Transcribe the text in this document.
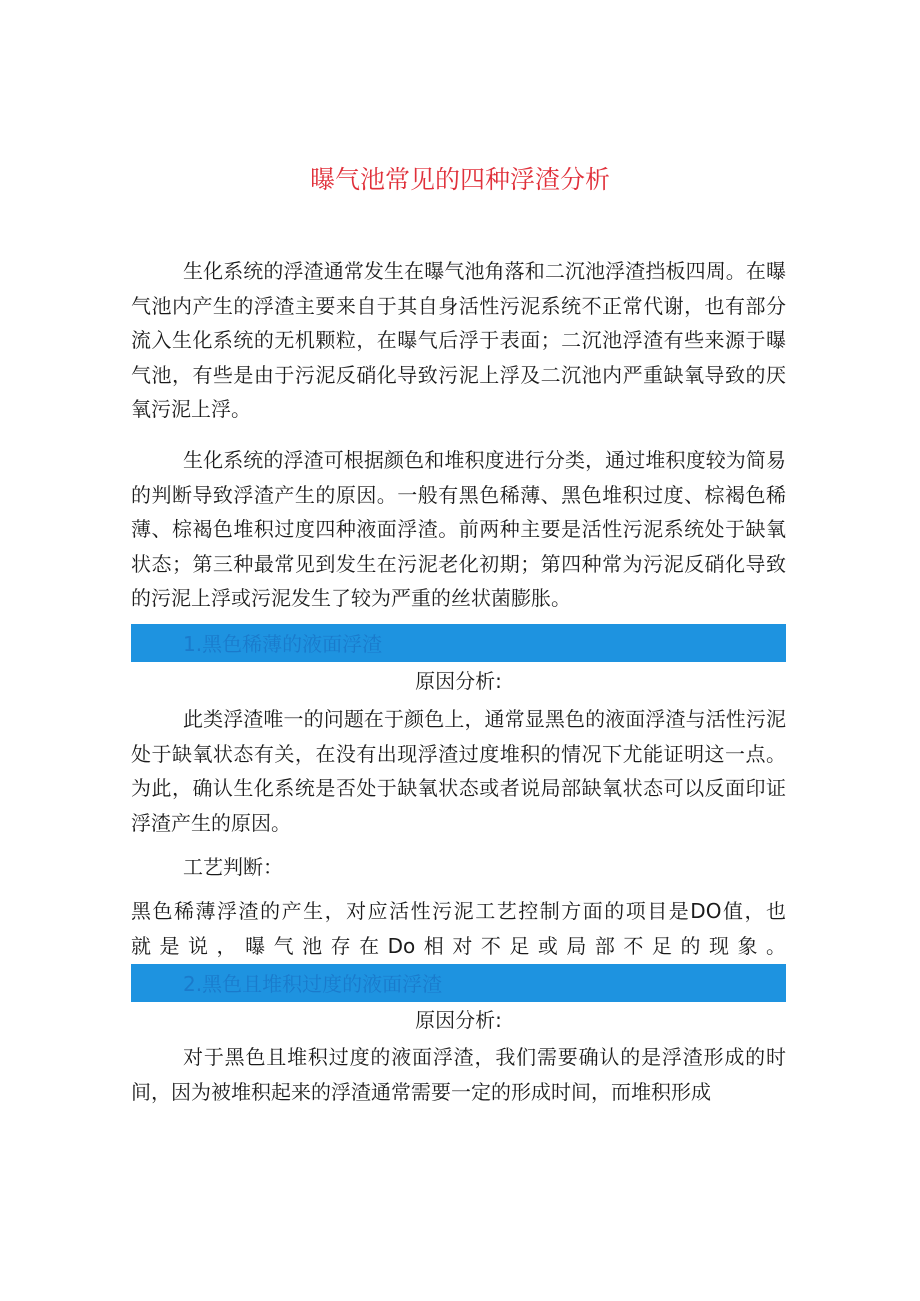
曝气池常见的四种浮渣分析

生化系统的浮渣通常发生在曝气池角落和二沉池浮渣挡板四周。在曝气池内产生的浮渣主要来自于其自身活性污泥系统不正常代谢，也有部分流入生化系统的无机颗粒，在曝气后浮于表面；二沉池浮渣有些来源于曝气池，有些是由于污泥反硝化导致污泥上浮及二沉池内严重缺氧导致的厌氧污泥上浮。

生化系统的浮渣可根据颜色和堆积度进行分类，通过堆积度较为简易的判断导致浮渣产生的原因。一般有黑色稀薄、黑色堆积过度、棕褐色稀薄、棕褐色堆积过度四种液面浮渣。前两种主要是活性污泥系统处于缺氧状态；第三种最常见到发生在污泥老化初期；第四种常为污泥反硝化导致的污泥上浮或污泥发生了较为严重的丝状菌膨胀。

1.黑色稀薄的液面浮渣
原因分析:

此类浮渣唯一的问题在于颜色上，通常显黑色的液面浮渣与活性污泥处于缺氧状态有关，在没有出现浮渣过度堆积的情况下尤能证明这一点。为此，确认生化系统是否处于缺氧状态或者说局部缺氧状态可以反面印证浮渣产生的原因。

工艺判断：

黑色稀薄浮渣的产生，对应活性污泥工艺控制方面的项目是DO值，也

就是说，曝气池存在Do相对不足或局部不足的现象。

2.黑色且堆积过度的液面浮渣
原因分析:

对于黑色且堆积过度的液面浮渣，我们需要确认的是浮渣形成的时间，因为被堆积起来的浮渣通常需要一定的形成时间，而堆积形成
